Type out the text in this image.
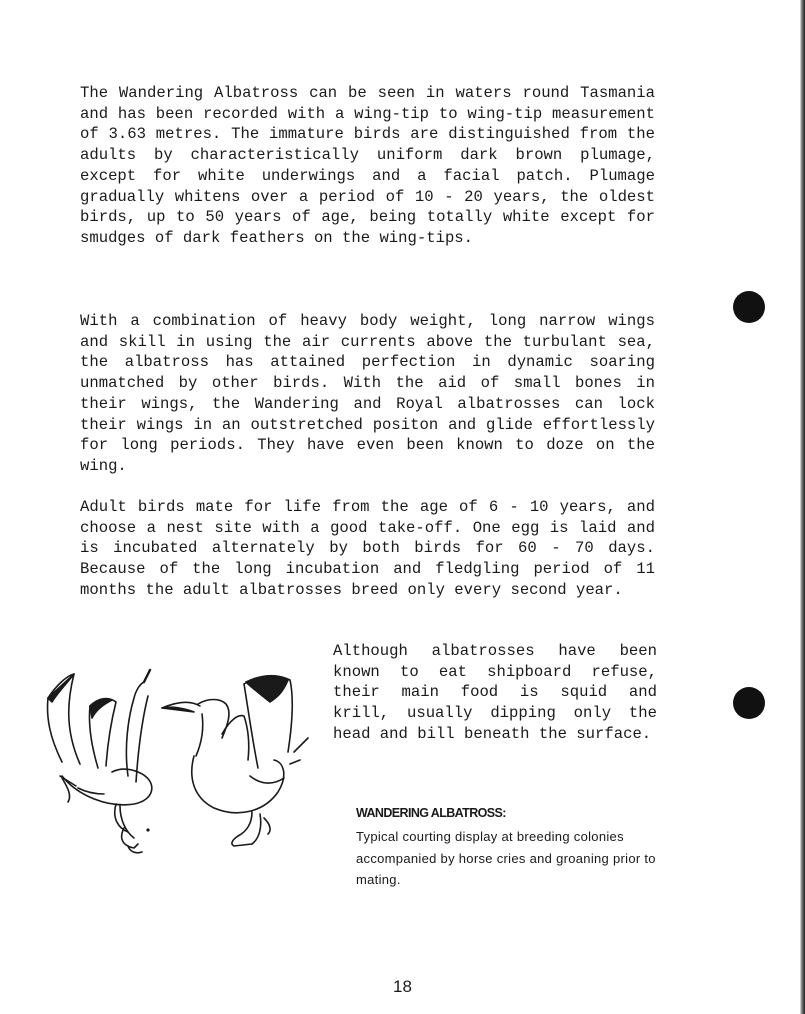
The Wandering Albatross can be seen in waters round Tasmania and has been recorded with a wing-tip to wing-tip measurement of 3.63 metres. The immature birds are distinguished from the adults by characteristically uniform dark brown plumage, except for white underwings and a facial patch. Plumage gradually whitens over a period of 10 - 20 years, the oldest birds, up to 50 years of age, being totally white except for smudges of dark feathers on the wing-tips.

With a combination of heavy body weight, long narrow wings and skill in using the air currents above the turbulant sea, the albatross has attained perfection in dynamic soaring unmatched by other birds. With the aid of small bones in their wings, the Wandering and Royal albatrosses can lock their wings in an outstretched positon and glide effortlessly for long periods. They have even been known to doze on the wing.

Adult birds mate for life from the age of 6 - 10 years, and choose a nest site with a good take-off. One egg is laid and is incubated alternately by both birds for 60 - 70 days. Because of the long incubation and fledgling period of 11 months the adult albatrosses breed only every second year.

Although albatrosses have been known to eat shipboard refuse, their main food is squid and krill, usually dipping only the head and bill beneath the surface.

WANDERING ALBATROSS:

Typical courting display at breeding colonies accompanied by horse cries and groaning prior to mating.

18
